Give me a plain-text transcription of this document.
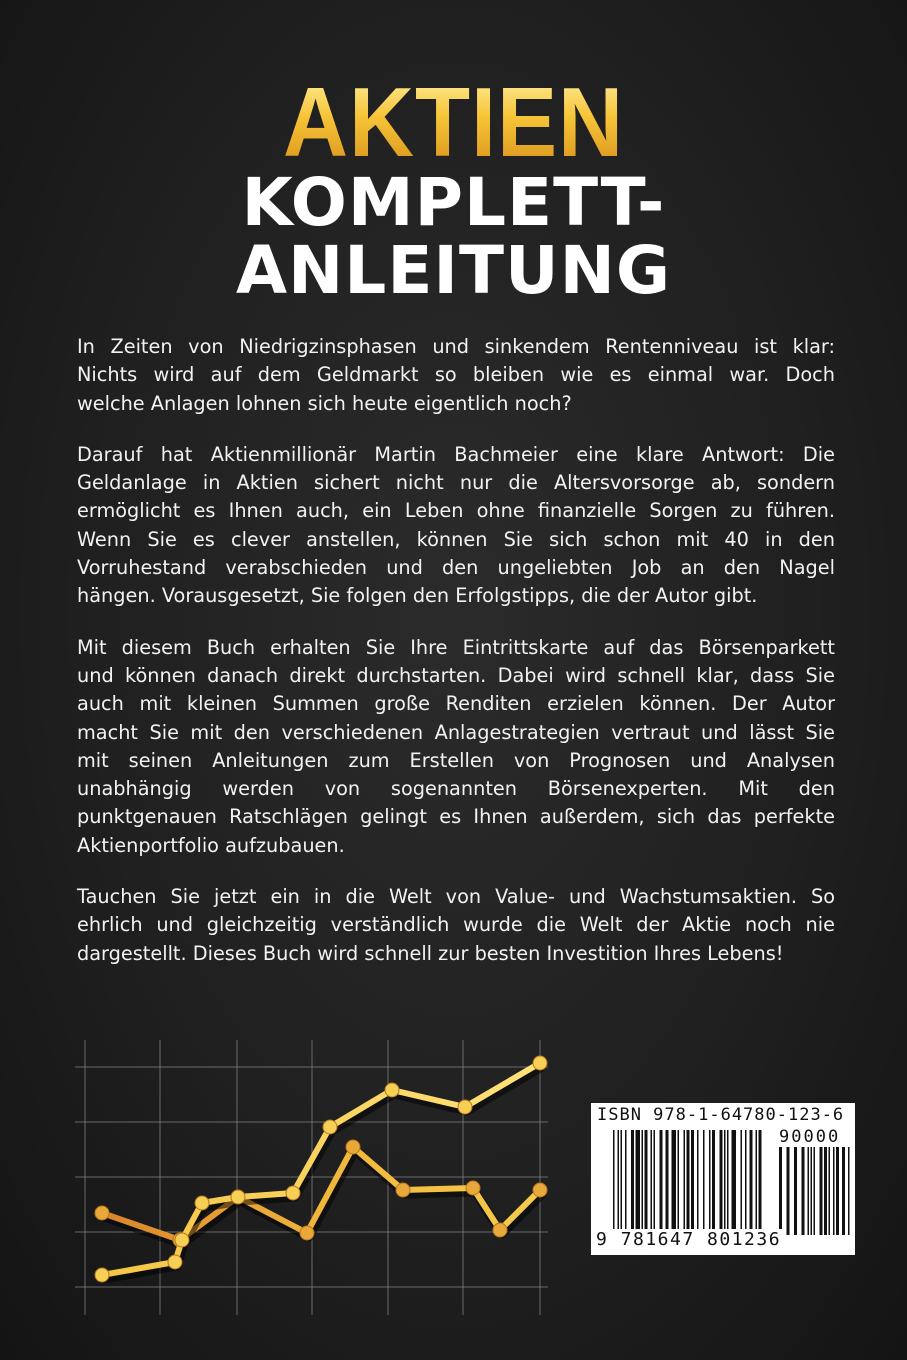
AKTIEN
KOMPLETT-
ANLEITUNG
In Zeiten von Niedrigzinsphasen und sinkendem Rentenniveau ist klar:
Nichts wird auf dem Geldmarkt so bleiben wie es einmal war. Doch
welche Anlagen lohnen sich heute eigentlich noch?
Darauf hat Aktienmillionär Martin Bachmeier eine klare Antwort: Die
Geldanlage in Aktien sichert nicht nur die Altersvorsorge ab, sondern
ermöglicht es Ihnen auch, ein Leben ohne finanzielle Sorgen zu führen.
Wenn Sie es clever anstellen, können Sie sich schon mit 40 in den
Vorruhestand verabschieden und den ungeliebten Job an den Nagel
hängen. Vorausgesetzt, Sie folgen den Erfolgstipps, die der Autor gibt.
Mit diesem Buch erhalten Sie Ihre Eintrittskarte auf das Börsenparkett
und können danach direkt durchstarten. Dabei wird schnell klar, dass Sie
auch mit kleinen Summen große Renditen erzielen können. Der Autor
macht Sie mit den verschiedenen Anlagestrategien vertraut und lässt Sie
mit seinen Anleitungen zum Erstellen von Prognosen und Analysen
unabhängig werden von sogenannten Börsenexperten. Mit den
punktgenauen Ratschlägen gelingt es Ihnen außerdem, sich das perfekte
Aktienportfolio aufzubauen.
Tauchen Sie jetzt ein in die Welt von Value- und Wachstumsaktien. So
ehrlich und gleichzeitig verständlich wurde die Welt der Aktie noch nie
dargestellt. Dieses Buch wird schnell zur besten Investition Ihres Lebens!
ISBN 978-1-64780-123-6
90000
9 781647 801236
